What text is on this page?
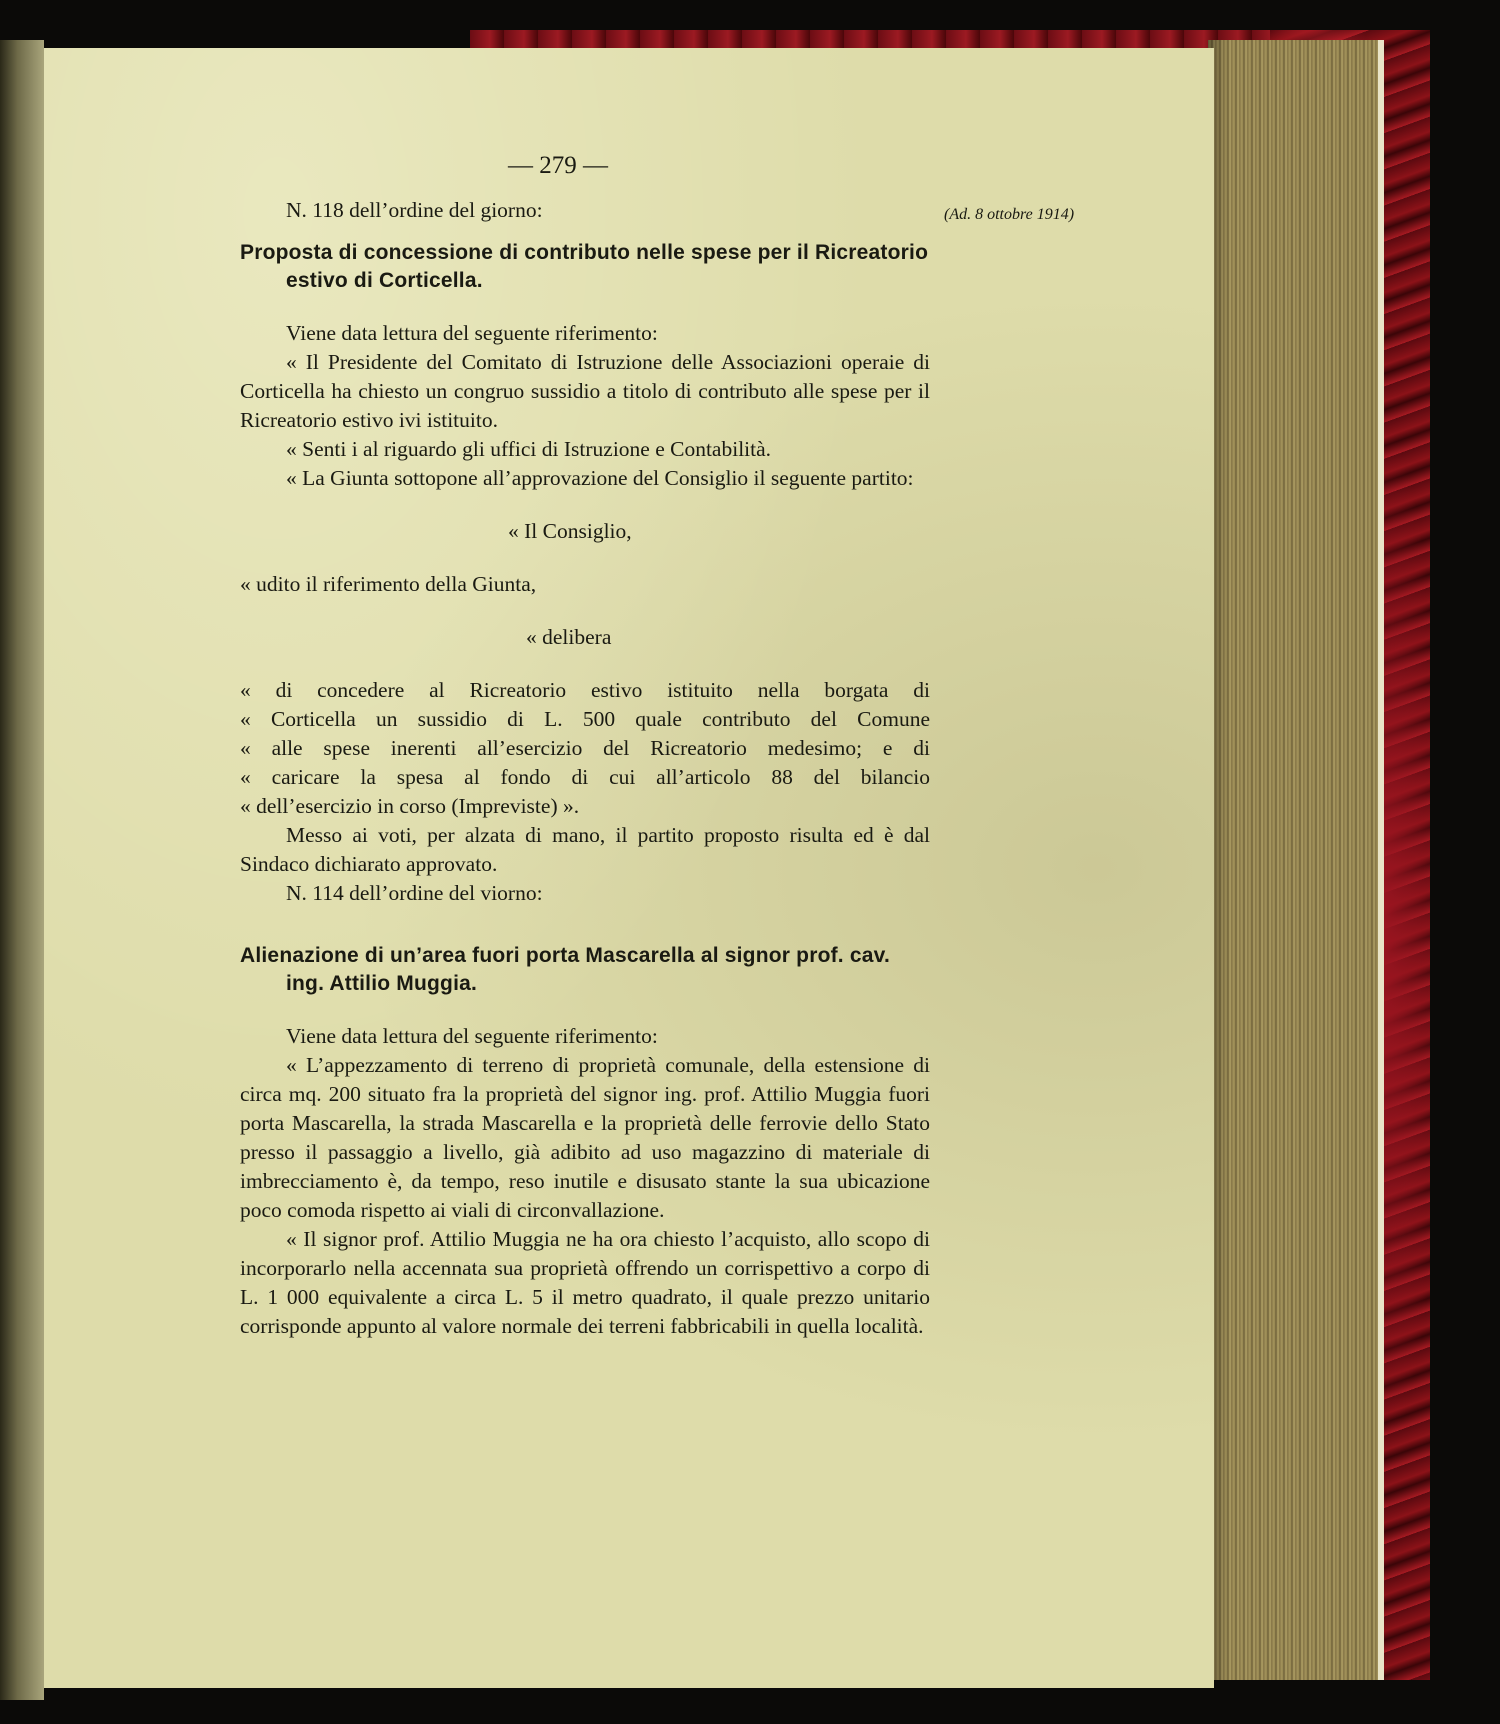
— 279 —
(Ad. 8 ottobre 1914)

N. 118 dell’ordine del giorno:

Proposta di concessione di contributo nelle spese per il Ricreatorio estivo di Corticella.

Viene data lettura del seguente riferimento:

« Il Presidente del Comitato di Istruzione delle Associazioni operaie di Corticella ha chiesto un congruo sussidio a titolo di contributo alle spese per il Ricreatorio estivo ivi istituito.

« Senti i al riguardo gli uffici di Istruzione e Contabilità.

« La Giunta sottopone all’approvazione del Consiglio il seguente partito:

« Il Consiglio,

« udito il riferimento della Giunta,

« delibera

« di concedere al Ricreatorio estivo istituito nella borgata di

« Corticella un sussidio di L. 500 quale contributo del Comune

« alle spese inerenti all’esercizio del Ricreatorio medesimo; e di

« caricare la spesa al fondo di cui all’articolo 88 del bilancio

« dell’esercizio in corso (Impreviste) ».

Messo ai voti, per alzata di mano, il partito proposto risulta ed è dal Sindaco dichiarato approvato.

N. 114 dell’ordine del viorno:

Alienazione di un’area fuori porta Mascarella al signor prof. cav. ing. Attilio Muggia.

Viene data lettura del seguente riferimento:

« L’appezzamento di terreno di proprietà comunale, della estensione di circa mq. 200 situato fra la proprietà del signor ing. prof. Attilio Muggia fuori porta Mascarella, la strada Mascarella e la proprietà delle ferrovie dello Stato presso il passaggio a livello, già adibito ad uso magazzino di materiale di imbrecciamento è, da tempo, reso inutile e disusato stante la sua ubicazione poco comoda rispetto ai viali di circonvallazione.

« Il signor prof. Attilio Muggia ne ha ora chiesto l’acquisto, allo scopo di incorporarlo nella accennata sua proprietà offrendo un corrispettivo a corpo di L. 1 000 equivalente a circa L. 5 il metro quadrato, il quale prezzo unitario corrisponde appunto al valore normale dei terreni fabbricabili in quella località.
